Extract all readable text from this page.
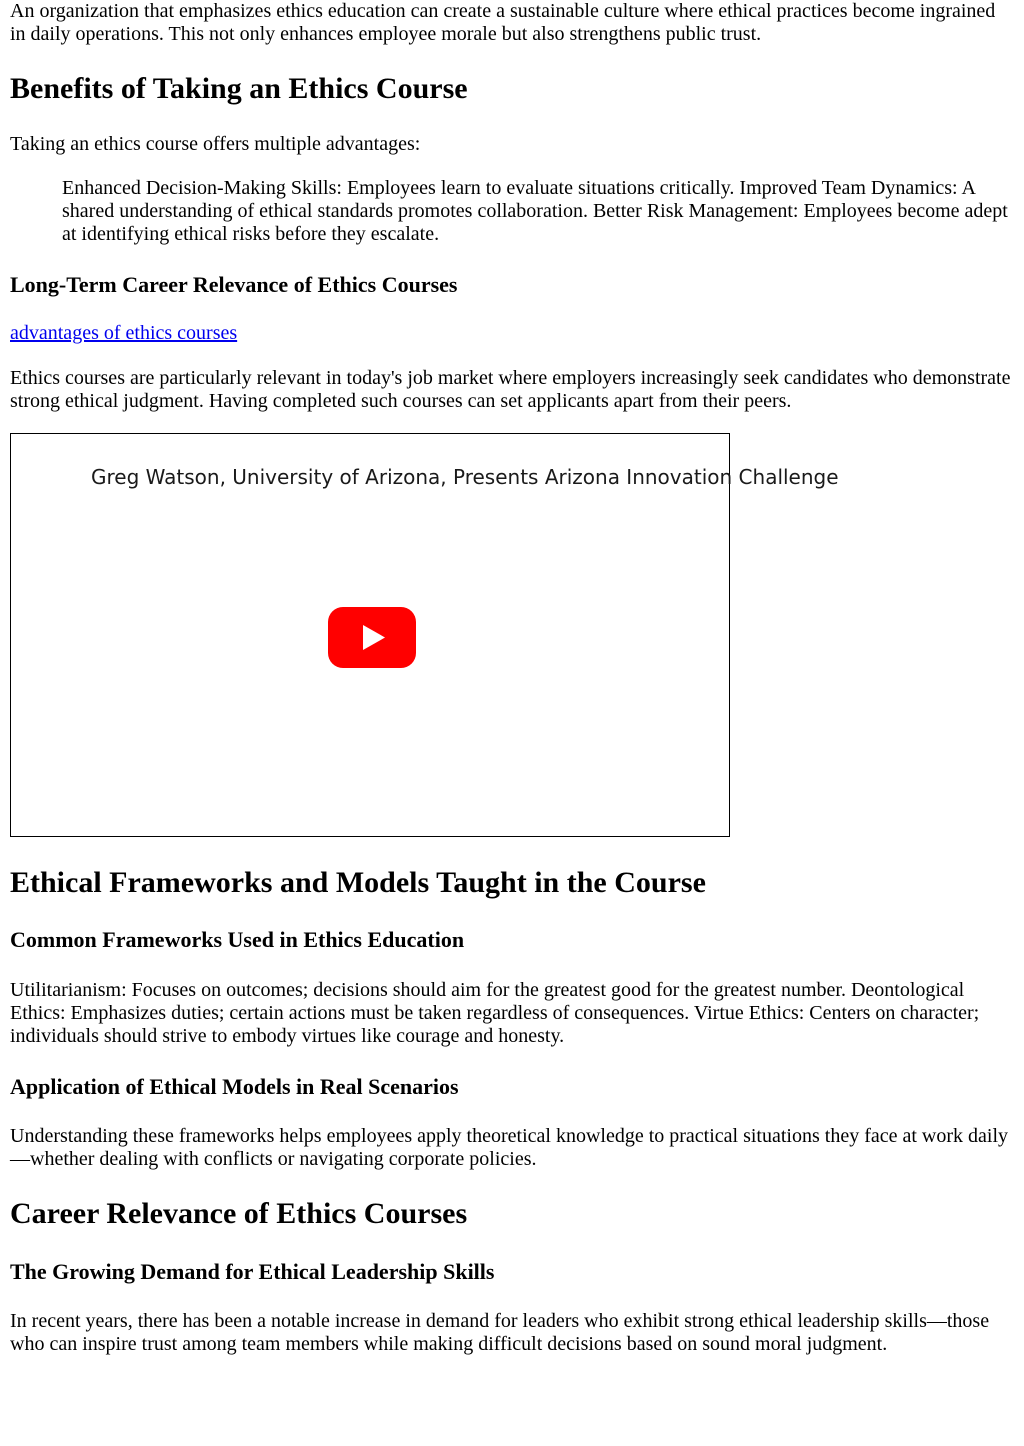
An organization that emphasizes ethics education can create a sustainable culture where ethical practices become ingrained in daily operations. This not only enhances employee morale but also strengthens public trust.

Benefits of Taking an Ethics Course

Taking an ethics course offers multiple advantages:

Enhanced Decision-Making Skills: Employees learn to evaluate situations critically. Improved Team Dynamics: A shared understanding of ethical standards promotes collaboration. Better Risk Management: Employees become adept at identifying ethical risks before they escalate.
Long-Term Career Relevance of Ethics Courses
advantages of ethics courses

Ethics courses are particularly relevant in today's job market where employers increasingly seek candidates who demonstrate strong ethical judgment. Having completed such courses can set applicants apart from their peers.

Greg Watson, University of Arizona, Presents Arizona Innovation Challenge
Ethical Frameworks and Models Taught in the Course
Common Frameworks Used in Ethics Education

Utilitarianism: Focuses on outcomes; decisions should aim for the greatest good for the greatest number. Deontological Ethics: Emphasizes duties; certain actions must be taken regardless of consequences. Virtue Ethics: Centers on character; individuals should strive to embody virtues like courage and honesty.

Application of Ethical Models in Real Scenarios

Understanding these frameworks helps employees apply theoretical knowledge to practical situations they face at work daily—whether dealing with conflicts or navigating corporate policies.

Career Relevance of Ethics Courses
The Growing Demand for Ethical Leadership Skills

In recent years, there has been a notable increase in demand for leaders who exhibit strong ethical leadership skills—those who can inspire trust among team members while making difficult decisions based on sound moral judgment.
